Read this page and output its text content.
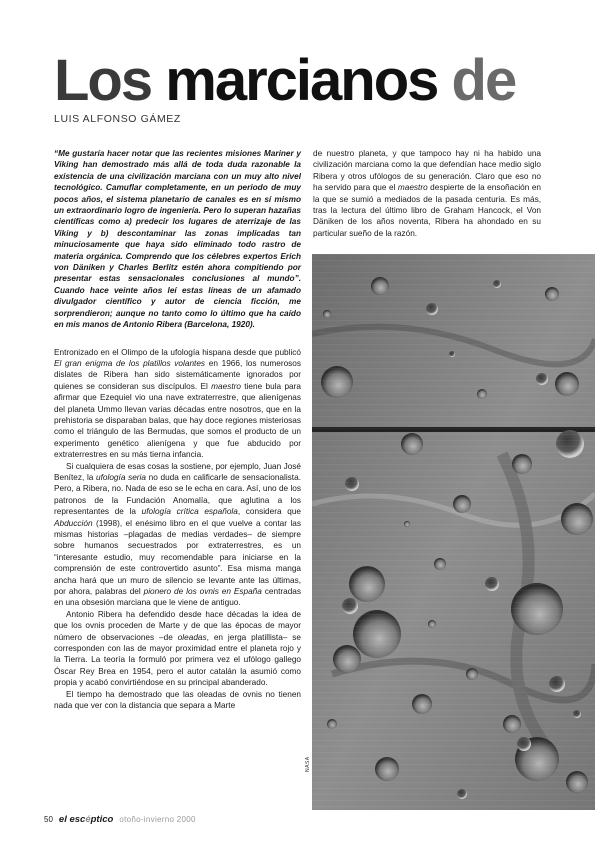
Los marcianos de
LUIS ALFONSO GÁMEZ

“Me gustaría hacer notar que las recientes misiones Mariner y Viking han demostrado más allá de toda duda razonable la existencia de una civilización marciana con un muy alto nivel tecnológico. Camuflar completamente, en un periodo de muy pocos años, el sistema planetario de canales es en sí mismo un extraordinario logro de ingeniería. Pero lo superan hazañas científicas como a) predecir los lugares de aterrizaje de las Viking y b) descontaminar las zonas implicadas tan minuciosamente que haya sido eliminado todo rastro de materia orgánica. Comprendo que los célebres expertos Erich von Däniken y Charles Berlitz estén ahora compitiendo por presentar estas sensacionales conclusiones al mundo”. Cuando hace veinte años leí estas líneas de un afamado divulgador científico y autor de ciencia ficción, me sorprendieron; aunque no tanto como lo último que ha caído en mis manos de Antonio Ribera (Barcelona, 1920).

Entronizado en el Olimpo de la ufología hispana desde que publicó El gran enigma de los platillos volantes en 1966, los numerosos dislates de Ribera han sido sistemáticamente ignorados por quienes se consideran sus discípulos. El maestro tiene bula para afirmar que Ezequiel vio una nave extraterrestre, que alienígenas del planeta Ummo llevan varias décadas entre nosotros, que en la prehistoria se disparaban balas, que hay doce regiones misteriosas como el triángulo de las Bermudas, que somos el producto de un experimento genético alienígena y que fue abducido por extraterrestres en su más tierna infancia.

Si cualquiera de esas cosas la sostiene, por ejemplo, Juan José Benítez, la ufología seria no duda en calificarle de sensacionalista. Pero, a Ribera, no. Nada de eso se le echa en cara. Así, uno de los patronos de la Fundación Anomalía, que aglutina a los representantes de la ufología crítica española, considera que Abducción (1998), el enésimo libro en el que vuelve a contar las mismas historias –plagadas de medias verdades– de siempre sobre humanos secuestrados por extraterrestres, es un “interesante estudio, muy recomendable para iniciarse en la comprensión de este controvertido asunto”. Esa misma manga ancha hará que un muro de silencio se levante ante las últimas, por ahora, palabras del pionero de los ovnis en España centradas en una obsesión marciana que le viene de antiguo.

Antonio Ribera ha defendido desde hace décadas la idea de que los ovnis proceden de Marte y de que las épocas de mayor número de observaciones –de oleadas, en jerga platillista– se corresponden con las de mayor proximidad entre el planeta rojo y la Tierra. La teoría la formuló por primera vez el ufólogo gallego Óscar Rey Brea en 1954, pero el autor catalán la asumió como propia y acabó convirtiéndose en su principal abanderado.

El tiempo ha demostrado que las oleadas de ovnis no tienen nada que ver con la distancia que separa a Marte

de nuestro planeta, y que tampoco hay ni ha habido una civilización marciana como la que defendían hace medio siglo Ribera y otros ufólogos de su generación. Claro que eso no ha servido para que el maestro despierte de la ensoñación en la que se sumió a mediados de la pasada centuria. Es más, tras la lectura del último libro de Graham Hancock, el Von Däniken de los años noventa, Ribera ha ahondado en su particular sueño de la razón.

NASA
50 el escéptico otoño-invierno 2000
